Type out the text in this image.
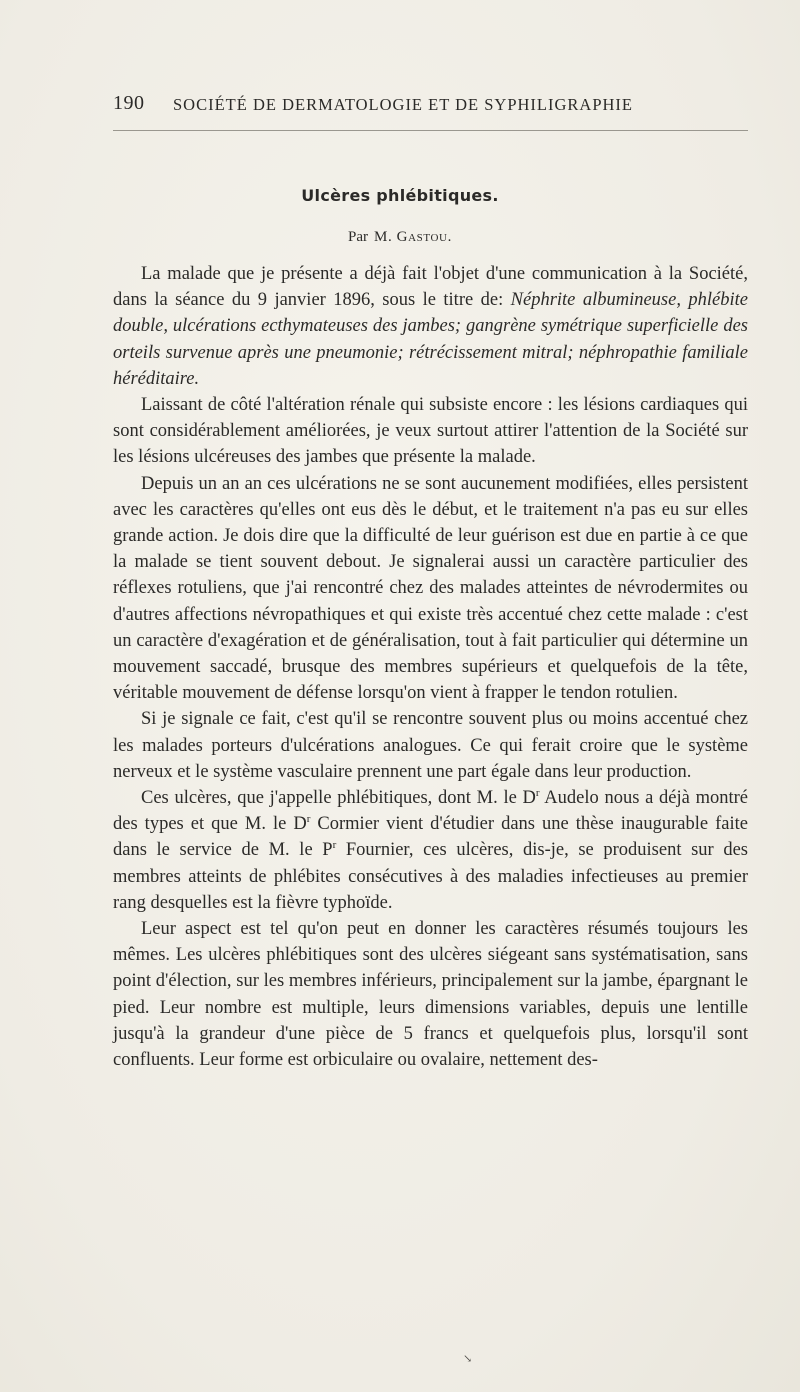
190 SOCIÉTÉ DE DERMATOLOGIE ET DE SYPHILIGRAPHIE
Ulcères phlébitiques.
Par M. Gastou.

La malade que je présente a déjà fait l'objet d'une communication à la Société, dans la séance du 9 janvier 1896, sous le titre de: Néphrite albumineuse, phlébite double, ulcérations ecthymateuses des jambes; gangrène symétrique superficielle des orteils survenue après une pneumonie; rétrécissement mitral; néphropathie familiale héréditaire.

Laissant de côté l'altération rénale qui subsiste encore : les lésions cardiaques qui sont considérablement améliorées, je veux surtout attirer l'attention de la Société sur les lésions ulcéreuses des jambes que présente la malade.

Depuis un an an ces ulcérations ne se sont aucunement modifiées, elles persistent avec les caractères qu'elles ont eus dès le début, et le traitement n'a pas eu sur elles grande action. Je dois dire que la difficulté de leur guérison est due en partie à ce que la malade se tient souvent debout. Je signalerai aussi un caractère particulier des réflexes rotuliens, que j'ai rencontré chez des malades atteintes de névrodermites ou d'autres affections névropathiques et qui existe très accentué chez cette malade : c'est un caractère d'exagération et de généralisation, tout à fait particulier qui détermine un mouvement saccadé, brusque des membres supérieurs et quelquefois de la tête, véritable mouvement de défense lorsqu'on vient à frapper le tendon rotulien.

Si je signale ce fait, c'est qu'il se rencontre souvent plus ou moins accentué chez les malades porteurs d'ulcérations analogues. Ce qui ferait croire que le système nerveux et le système vasculaire prennent une part égale dans leur production.

Ces ulcères, que j'appelle phlébitiques, dont M. le $D^r$ Audelo nous a déjà montré des types et que M. le $D^r$ Cormier vient d'étudier dans une thèse inaugurable faite dans le service de M. le $P^r$ Fournier, ces ulcères, dis-je, se produisent sur des membres atteints de phlébites consécutives à des maladies infectieuses au premier rang desquelles est la fièvre typhoïde.

Leur aspect est tel qu'on peut en donner les caractères résumés toujours les mêmes. Les ulcères phlébitiques sont des ulcères siégeant sans systématisation, sans point d'élection, sur les membres inférieurs, principalement sur la jambe, épargnant le pied. Leur nombre est multiple, leurs dimensions variables, depuis une lentille jusqu'à la grandeur d'une pièce de 5 francs et quelquefois plus, lorsqu'il sont confluents. Leur forme est orbiculaire ou ovalaire, nettement des-

↘
